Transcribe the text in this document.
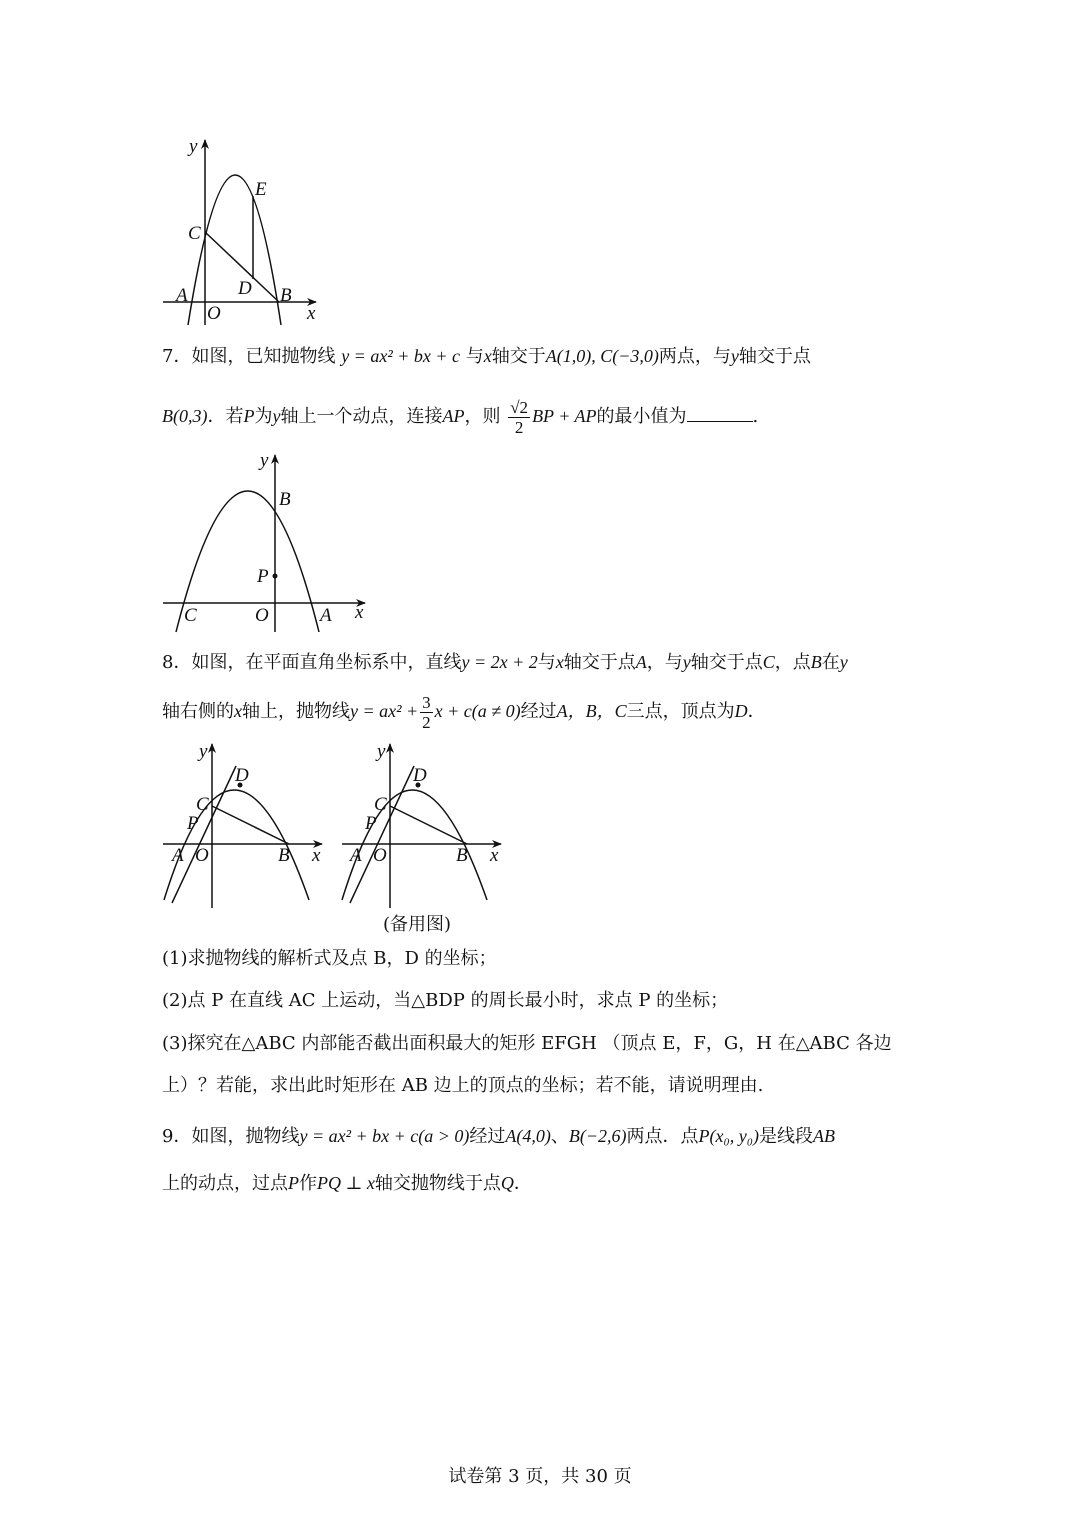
y
E
C
D
A	B
O	x
7．如图，已知抛物线 y = ax² + bx + c 与x轴交于A(1,0), C(−3,0)两点，与y轴交于点
B(0,3)．若P为y轴上一个动点，连接AP，则 $\frac{√2}{2}$ BP + AP的最小值为	.
y
B
P
C	O	A x
8．如图，在平面直角坐标系中，直线y = 2x + 2与x轴交于点A，与y轴交于点C，点B在y
轴右侧的x轴上，抛物线$y = ax^2 + \frac{3}{2}$ x + c(a ≠ 0)经过A，B，C三点，顶点为D．
y
D
C
P
A O	B x
y
D
C
P
A O	B x
(备用图)
(1)求抛物线的解析式及点 B，D 的坐标；
(2)点 P 在直线 AC 上运动，当△BDP 的周长最小时，求点 P 的坐标；
(3)探究在△ABC 内部能否截出面积最大的矩形 EFGH （顶点 E，F，G，H 在△ABC 各边
上）？若能，求出此时矩形在 AB 边上的顶点的坐标；若不能，请说明理由.
9．如图，抛物线y = ax² + bx + c(a > 0)经过A(4,0)、B(−2,6)两点．点P(x₀, y₀)是线段AB
上的动点，过点P作PQ ⊥ x轴交抛物线于点Q．
试卷第 3 页，共 30 页
